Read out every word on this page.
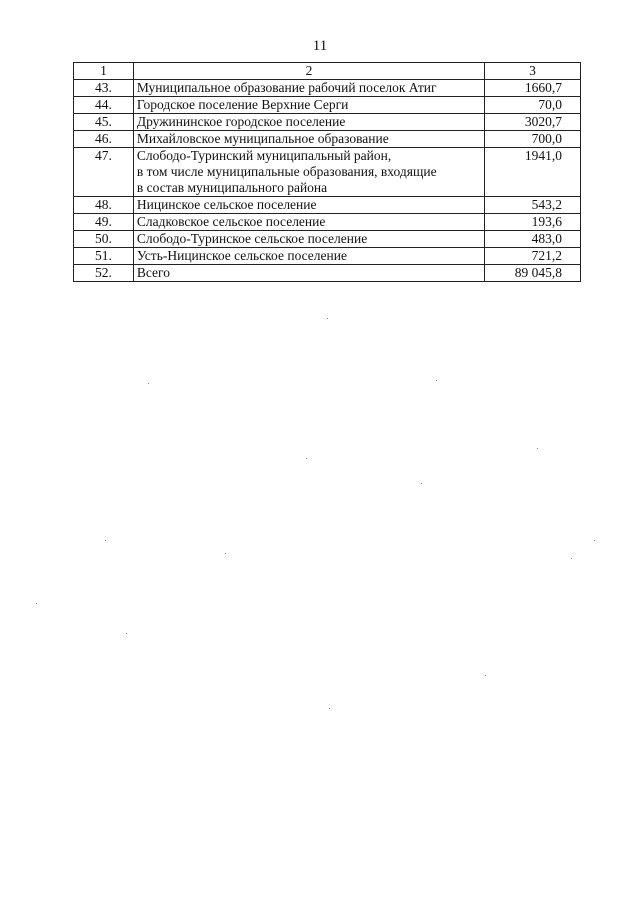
11
1	2	3
43.	Муниципальное образование рабочий поселок Атиг	1660,7
44.	Городское поселение Верхние Серги	70,0
45.	Дружининское городское поселение	3020,7
46.	Михайловское муниципальное образование	700,0
47.	Слободо-Туринский муниципальный район,
в том числе муниципальные образования, входящие
в состав муниципального района	1941,0
48.	Ницинское сельское поселение	543,2
49.	Сладковское сельское поселение	193,6
50.	Слободо-Туринское сельское поселение	483,0
51.	Усть-Ницинское сельское поселение	721,2
52.	Всего	89 045,8
